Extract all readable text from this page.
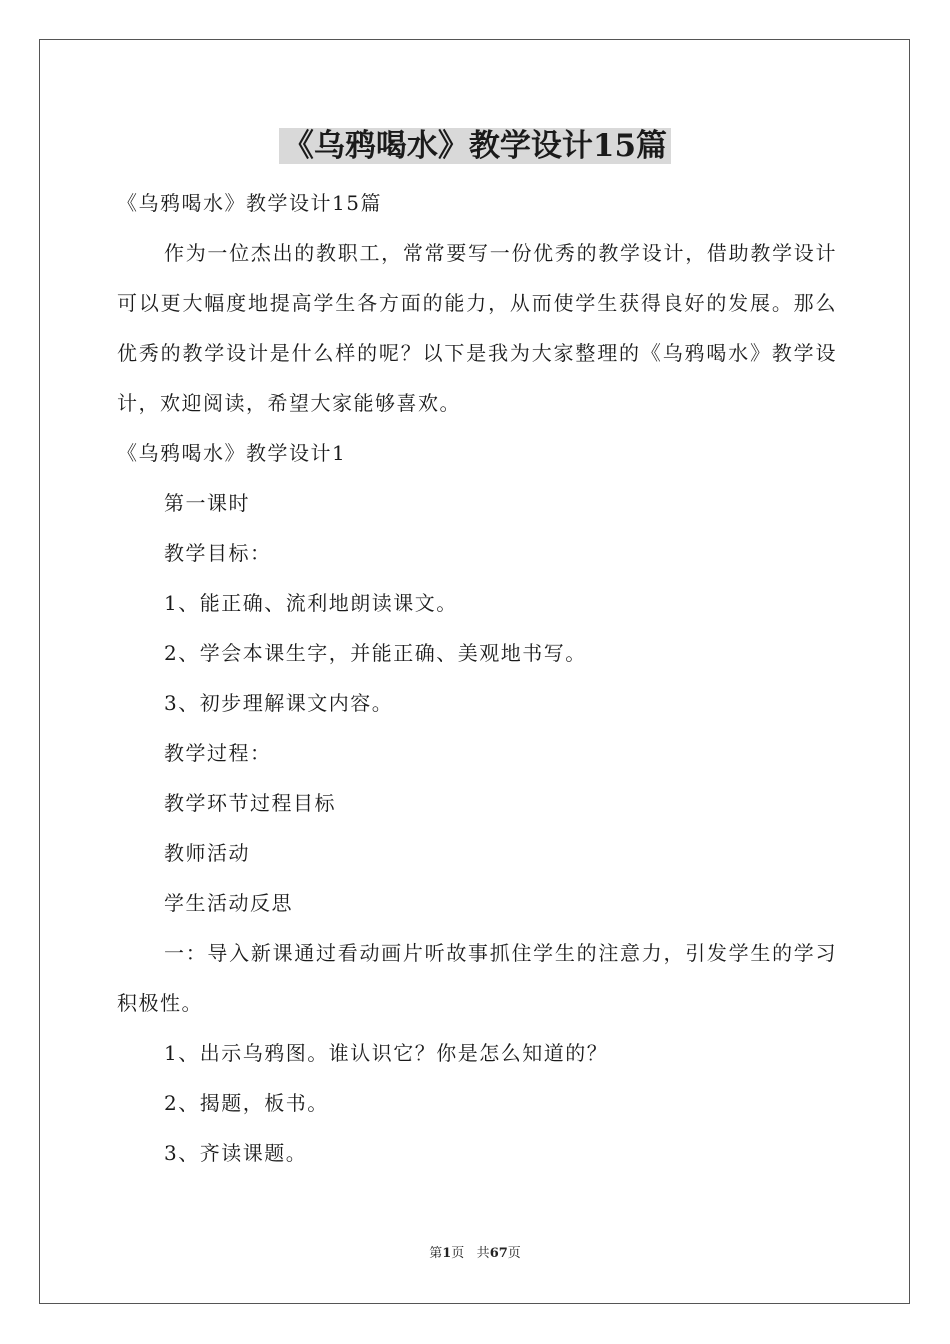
《乌鸦喝水》教学设计15篇

《乌鸦喝水》教学设计15篇

作为一位杰出的教职工，常常要写一份优秀的教学设计，借助教学设计可以更大幅度地提高学生各方面的能力，从而使学生获得良好的发展。那么优秀的教学设计是什么样的呢？以下是我为大家整理的《乌鸦喝水》教学设计，欢迎阅读，希望大家能够喜欢。

《乌鸦喝水》教学设计1

第一课时

教学目标：

1、能正确、流利地朗读课文。

2、学会本课生字，并能正确、美观地书写。

3、初步理解课文内容。

教学过程：

教学环节过程目标

教师活动

学生活动反思

一：导入新课通过看动画片听故事抓住学生的注意力，引发学生的学习积极性。

1、出示乌鸦图。谁认识它？你是怎么知道的？

2、揭题，板书。

3、齐读课题。

第1页 共67页
